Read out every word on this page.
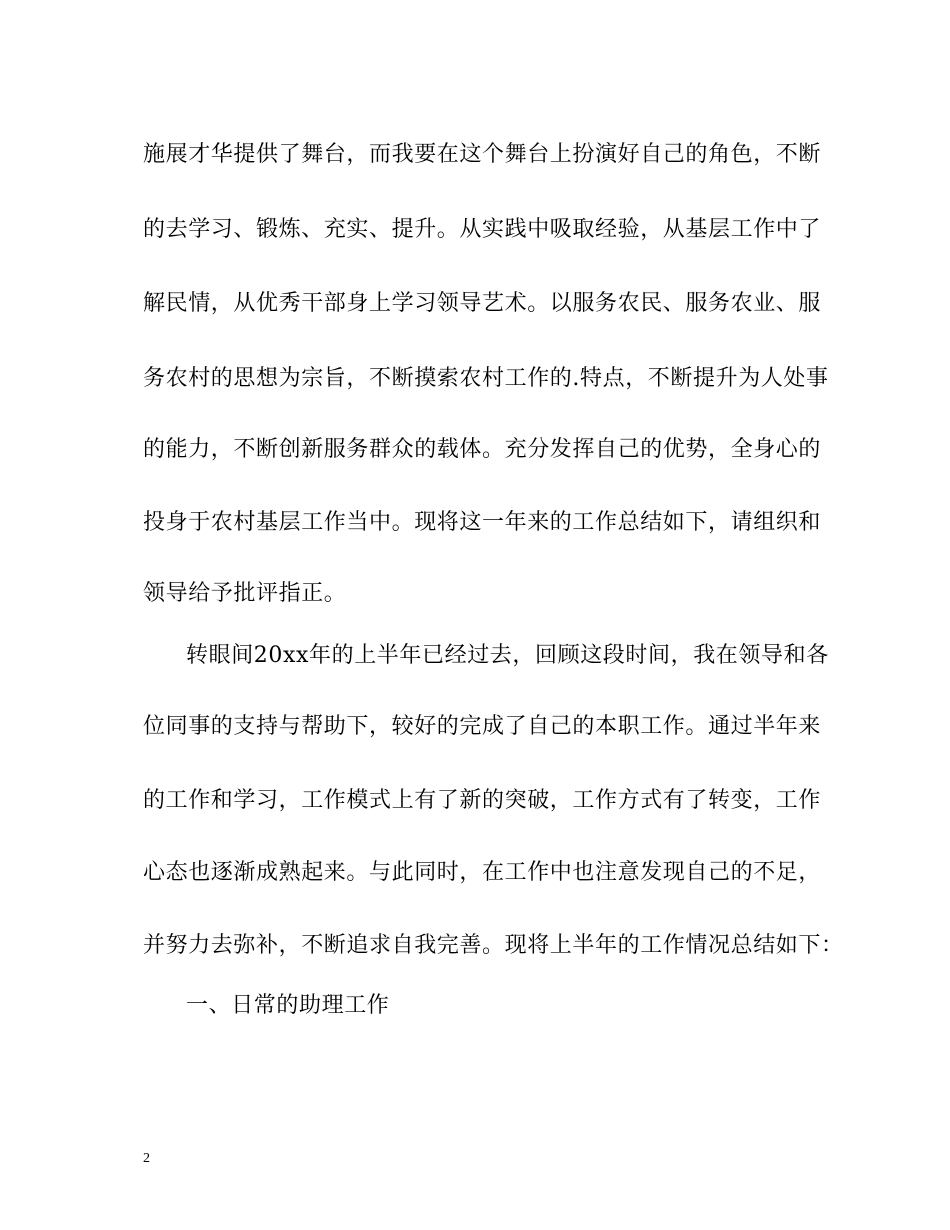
施展才华提供了舞台，而我要在这个舞台上扮演好自己的角色，不断
的去学习、锻炼、充实、提升。从实践中吸取经验，从基层工作中了
解民情，从优秀干部身上学习领导艺术。以服务农民、服务农业、服
务农村的思想为宗旨，不断摸索农村工作的.特点，不断提升为人处事
的能力，不断创新服务群众的载体。充分发挥自己的优势，全身心的
投身于农村基层工作当中。现将这一年来的工作总结如下，请组织和
领导给予批评指正。
转眼间20xx年的上半年已经过去，回顾这段时间，我在领导和各
位同事的支持与帮助下，较好的完成了自己的本职工作。通过半年来
的工作和学习，工作模式上有了新的突破，工作方式有了转变，工作
心态也逐渐成熟起来。与此同时，在工作中也注意发现自己的不足，
并努力去弥补，不断追求自我完善。现将上半年的工作情况总结如下：
一、日常的助理工作
2
